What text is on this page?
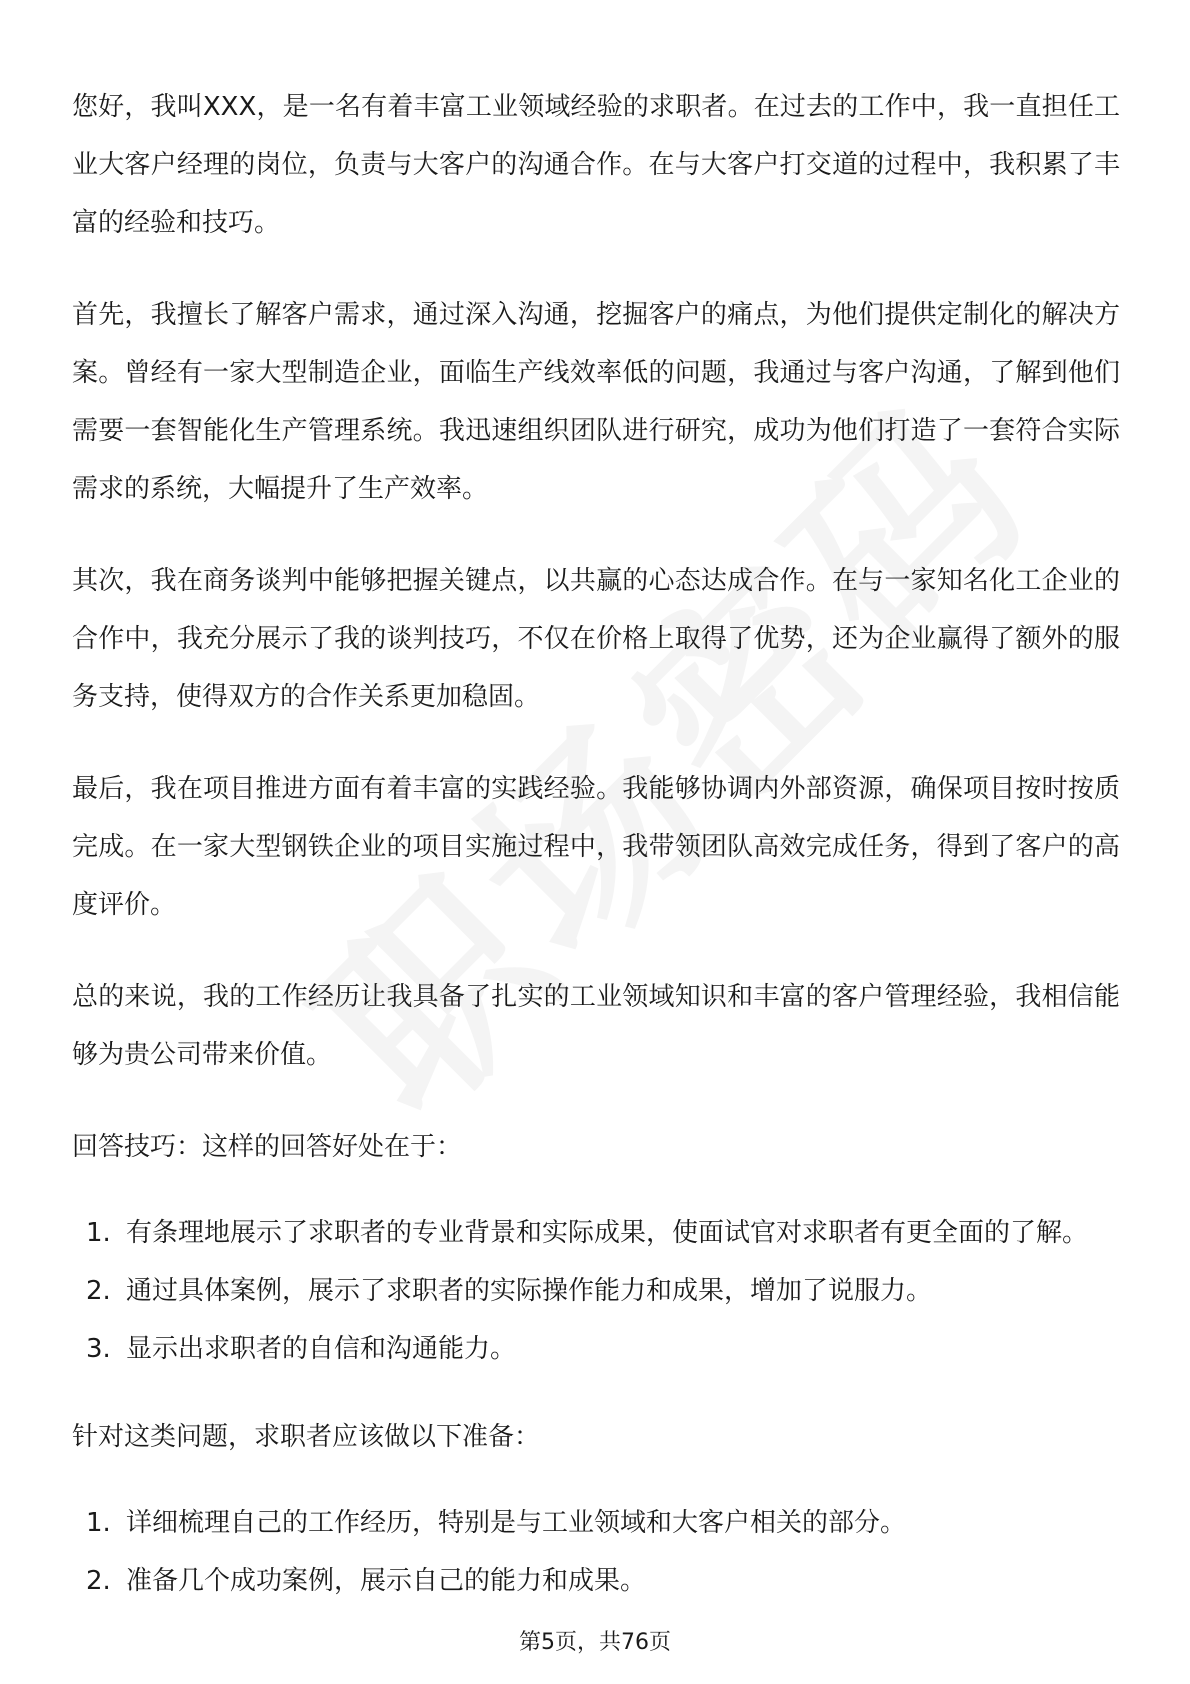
您好，我叫XXX，是一名有着丰富工业领域经验的求职者。在过去的工作中，我一直担任工业大客户经理的岗位，负责与大客户的沟通合作。在与大客户打交道的过程中，我积累了丰富的经验和技巧。

首先，我擅长了解客户需求，通过深入沟通，挖掘客户的痛点，为他们提供定制化的解决方案。曾经有一家大型制造企业，面临生产线效率低的问题，我通过与客户沟通，了解到他们需要一套智能化生产管理系统。我迅速组织团队进行研究，成功为他们打造了一套符合实际需求的系统，大幅提升了生产效率。

其次，我在商务谈判中能够把握关键点，以共赢的心态达成合作。在与一家知名化工企业的合作中，我充分展示了我的谈判技巧，不仅在价格上取得了优势，还为企业赢得了额外的服务支持，使得双方的合作关系更加稳固。

最后，我在项目推进方面有着丰富的实践经验。我能够协调内外部资源，确保项目按时按质完成。在一家大型钢铁企业的项目实施过程中，我带领团队高效完成任务，得到了客户的高度评价。

总的来说，我的工作经历让我具备了扎实的工业领域知识和丰富的客户管理经验，我相信能够为贵公司带来价值。

回答技巧：这样的回答好处在于：

1. 有条理地展示了求职者的专业背景和实际成果，使面试官对求职者有更全面的了解。
2. 通过具体案例，展示了求职者的实际操作能力和成果，增加了说服力。
3. 显示出求职者的自信和沟通能力。

针对这类问题，求职者应该做以下准备：

1. 详细梳理自己的工作经历，特别是与工业领域和大客户相关的部分。
2. 准备几个成功案例，展示自己的能力和成果。
第5页，共76页
